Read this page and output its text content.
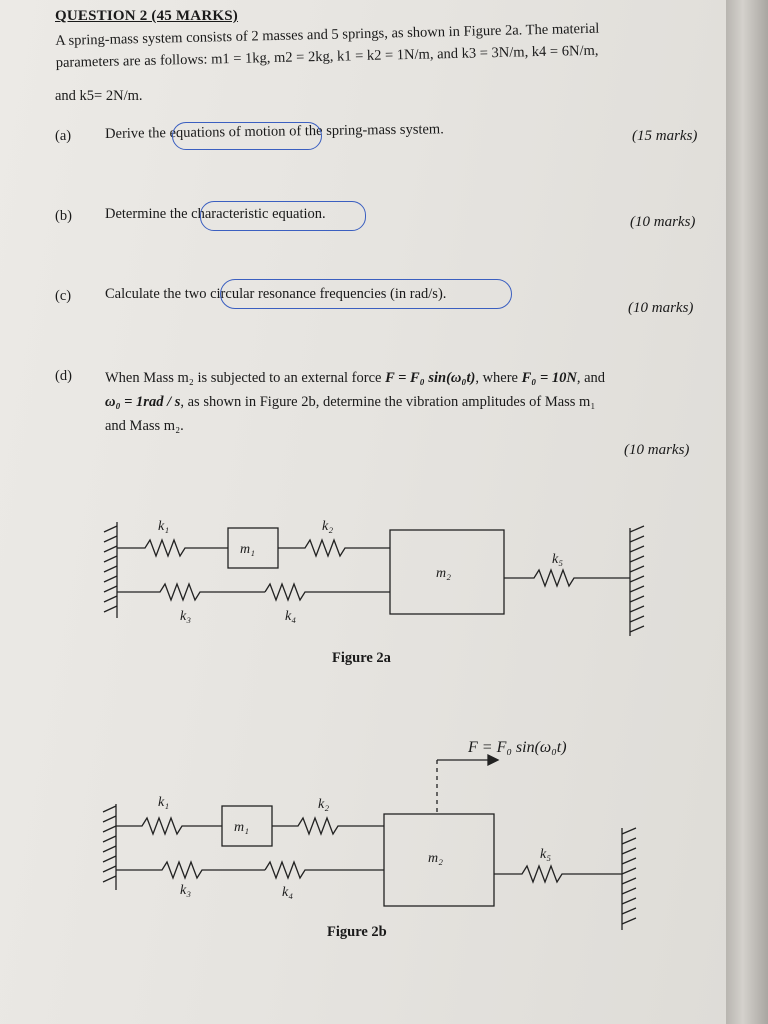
QUESTION 2 (45 MARKS)
A spring-mass system consists of 2 masses and 5 springs, as shown in Figure 2a. The material
parameters are as follows: m1 = 1kg, m2 = 2kg, k1 = k2 = 1N/m, and k3 = 3N/m, k4 = 6N/m,
and k5= 2N/m.
(a) Derive the equations of motion of the spring-mass system.	(15 marks)
(b) Determine the characteristic equation.	(10 marks)
(c) Calculate the two circular resonance frequencies (in rad/s).
(10 marks)
(d) When Mass m₂ is subjected to an external force F = F₀ sin(ω₀t), where F₀ = 10N, and
ω₀ = 1rad / s, as shown in Figure 2b, determine the vibration amplitudes of Mass m₁
and Mass m₂.
(10 marks)
k₁	k₂
k₃	k₄
k₅
m₁
m₂
F = F₀ sin(ω₀t)
k₁	k₂
k₃	k₄
k₅
m₁
m₂
Figure 2a
Figure 2b
